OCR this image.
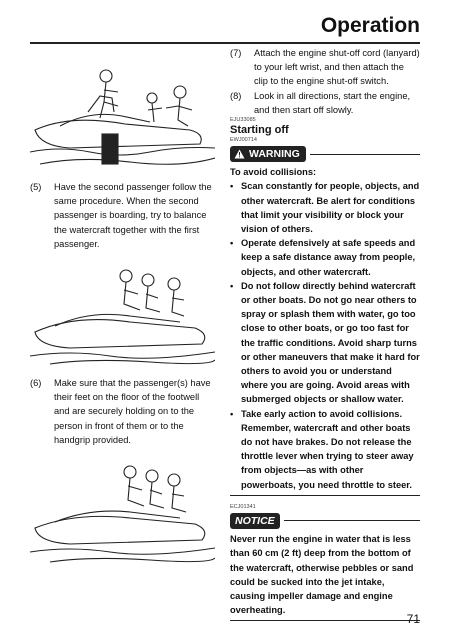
Operation
(5)	Have the second passenger follow the same procedure. When the second passenger is boarding, try to balance the watercraft together with the first passenger.
(6)	Make sure that the passenger(s) have their feet on the floor of the footwell and are securely holding on to the person in front of them or to the handgrip provided.
(7)	Attach the engine shut-off cord (lanyard) to your left wrist, and then attach the clip to the engine shut-off switch.
(8)	Look in all directions, start the engine, and then start off slowly.
EJU33085
Starting off
EWJ00714
WARNING
To avoid collisions:
• Scan constantly for people, objects, and other watercraft. Be alert for conditions that limit your visibility or block your vision of others.
• Operate defensively at safe speeds and keep a safe distance away from people, objects, and other watercraft.
• Do not follow directly behind watercraft or other boats. Do not go near others to spray or splash them with water, go too close to other boats, or go too fast for the traffic conditions. Avoid sharp turns or other maneuvers that make it hard for others to avoid you or understand where you are going. Avoid areas with submerged objects or shallow water.
• Take early action to avoid collisions. Remember, watercraft and other boats do not have brakes. Do not release the throttle lever when trying to steer away from objects—as with other powerboats, you need throttle to steer.
ECJ01341
NOTICE
Never run the engine in water that is less than 60 cm (2 ft) deep from the bottom of the watercraft, otherwise pebbles or sand could be sucked into the jet intake, causing impeller damage and engine overheating.
71
